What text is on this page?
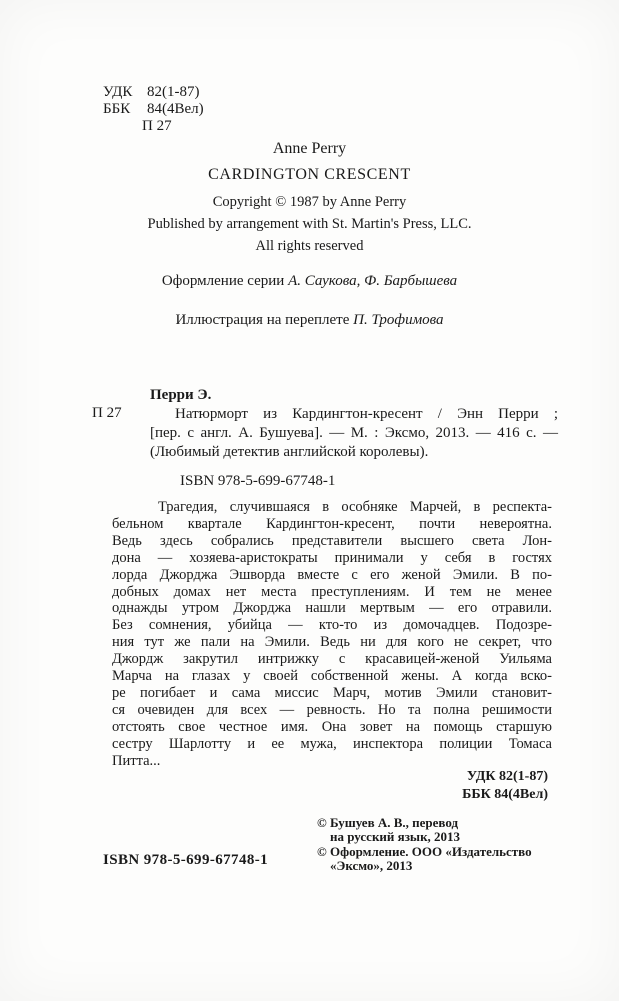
УДК 82(1-87)
ББК 84(4Вел)
П 27
Anne Perry
CARDINGTON CRESCENT
Copyright © 1987 by Anne Perry
Published by arrangement with St. Martin's Press, LLC.
All rights reserved
Оформление серии А. Саукова, Ф. Барбышева
Иллюстрация на переплете П. Трофимова
Перри Э.
П 27	Натюрморт из Кардингтон-кресент / Энн Перри ;
[пер. с англ. А. Бушуева]. — М. : Эксмо, 2013. — 416 с. —
(Любимый детектив английской королевы).
ISBN 978-5-699-67748-1
Трагедия, случившаяся в особняке Марчей, в респекта-
бельном квартале Кардингтон-кресент, почти невероятна.
Ведь здесь собрались представители высшего света Лон-
дона — хозяева-аристократы принимали у себя в гостях
лорда Джорджа Эшворда вместе с его женой Эмили. В по-
добных домах нет места преступлениям. И тем не менее
однажды утром Джорджа нашли мертвым — его отравили.
Без сомнения, убийца — кто-то из домочадцев. Подозре-
ния тут же пали на Эмили. Ведь ни для кого не секрет, что
Джордж закрутил интрижку с красавицей-женой Уильяма
Марча на глазах у своей собственной жены. А когда вско-
ре погибает и сама миссис Марч, мотив Эмили становит-
ся очевиден для всех — ревность. Но та полна решимости
отстоять свое честное имя. Она зовет на помощь старшую
сестру Шарлотту и ее мужа, инспектора полиции Томаса
Питта...
УДК 82(1-87)
ББК 84(4Вел)
© Бушуев А. В., перевод
на русский язык, 2013
© Оформление. ООО «Издательство
«Эксмо», 2013
ISBN 978-5-699-67748-1
